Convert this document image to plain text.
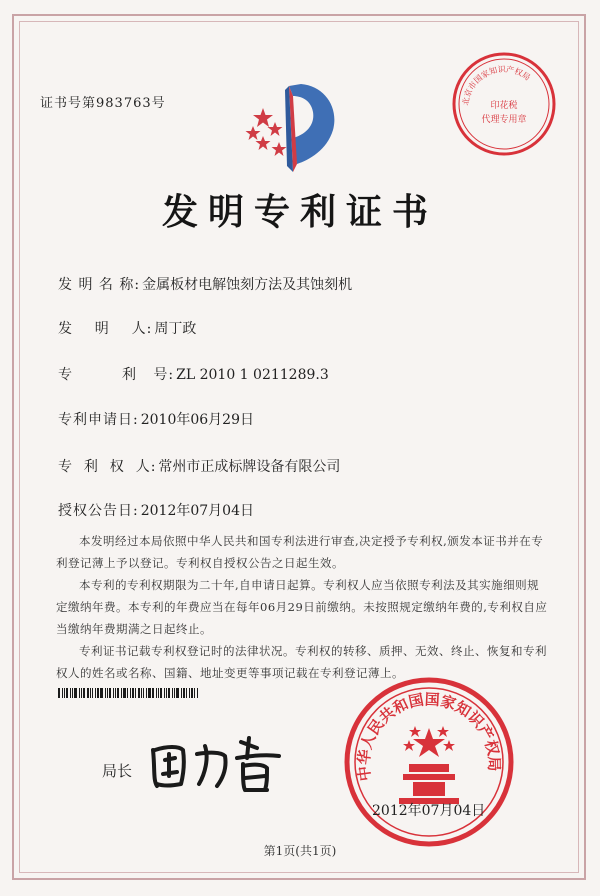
证书号第983763号	北京市国家知识产权局
印花税
代理专用章
发明专利证书
发 明 名 称: 金属板材电解蚀刻方法及其蚀刻机
发    明    人: 周丁政
专         利   号: ZL 2010 1 0211289.3
专利申请日: 2010年06月29日
专  利  权  人: 常州市正成标牌设备有限公司
授权公告日: 2012年07月04日

本发明经过本局依照中华人民共和国专利法进行审查,决定授予专利权,颁发本证书并在专利登记薄上予以登记。专利权自授权公告之日起生效。

本专利的专利权期限为二十年,自申请日起算。专利权人应当依照专利法及其实施细则规定缴纳年费。本专利的年费应当在每年06月29日前缴纳。未按照规定缴纳年费的,专利权自应当缴纳年费期满之日起终止。

专利证书记载专利权登记时的法律状况。专利权的转移、质押、无效、终止、恢复和专利权人的姓名或名称、国籍、地址变更等事项记载在专利登记薄上。

局长	中华人民共和国国家知识产权局
2012年07月04日
第1页(共1页)
